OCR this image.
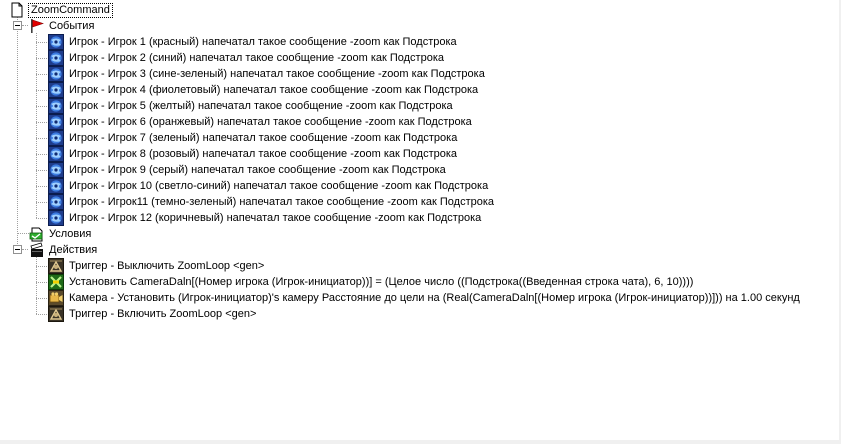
ZoomCommand
События
Игрок - Игрок 1 (красный) напечатал такое сообщение -zoom как Подстрока
Игрок - Игрок 2 (синий) напечатал такое сообщение -zoom как Подстрока
Игрок - Игрок 3 (сине-зеленый) напечатал такое сообщение -zoom как Подстрока
Игрок - Игрок 4 (фиолетовый) напечатал такое сообщение -zoom как Подстрока
Игрок - Игрок 5 (желтый) напечатал такое сообщение -zoom как Подстрока
Игрок - Игрок 6 (оранжевый) напечатал такое сообщение -zoom как Подстрока
Игрок - Игрок 7 (зеленый) напечатал такое сообщение -zoom как Подстрока
Игрок - Игрок 8 (розовый) напечатал такое сообщение -zoom как Подстрока
Игрок - Игрок 9 (серый) напечатал такое сообщение -zoom как Подстрока
Игрок - Игрок 10 (светло-синий) напечатал такое сообщение -zoom как Подстрока
Игрок - Игрок11 (темно-зеленый) напечатал такое сообщение -zoom как Подстрока
Игрок - Игрок 12 (коричневый) напечатал такое сообщение -zoom как Подстрока
Условия
Действия
Триггер - Выключить ZoomLoop <gen>
Установить CameraDaln[(Номер игрока (Игрок-инициатор))] = (Целое число ((Подстрока((Введенная строка чата), 6, 10))))
Камера - Установить (Игрок-инициатор)'s камеру Расстояние до цели на (Real(CameraDaln[(Номер игрока (Игрок-инициатор))])) на 1.00 секунд
Триггер - Включить ZoomLoop <gen>
